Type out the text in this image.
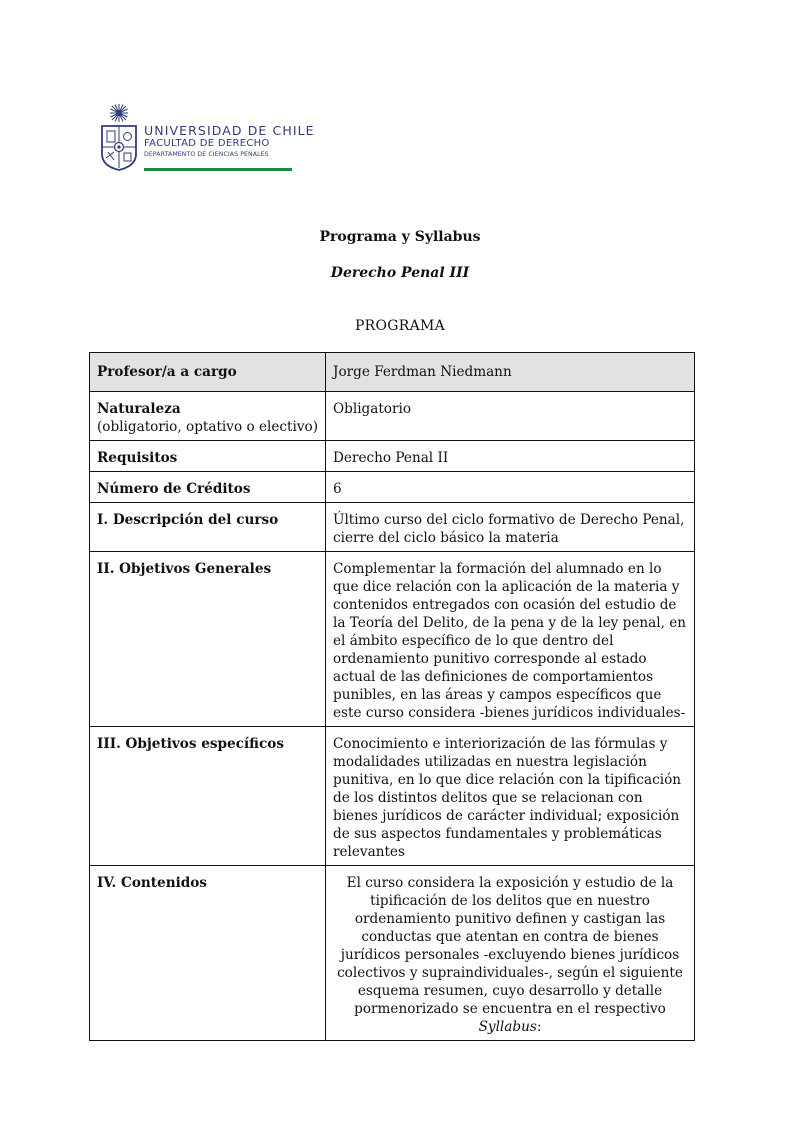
UNIVERSIDAD DE CHILE
FACULTAD DE DERECHO
DEPARTAMENTO DE CIENCIAS PENALES
Programa y Syllabus
Derecho Penal III
PROGRAMA
Profesor/a a cargo	Jorge Ferdman Niedmann

Naturaleza
(obligatorio, optativo o electivo)	Obligatorio
Requisitos	Derecho Penal II
Número de Créditos	6
I. Descripción del curso	Último curso del ciclo formativo de Derecho Penal, cierre del ciclo básico la materia
II. Objetivos Generales	Complementar la formación del alumnado en lo que dice relación con la aplicación de la materia y contenidos entregados con ocasión del estudio de la Teoría del Delito, de la pena y de la ley penal, en el ámbito específico de lo que dentro del ordenamiento punitivo corresponde al estado actual de las definiciones de comportamientos punibles, en las áreas y campos específicos que este curso considera -bienes jurídicos individuales-
III. Objetivos específicos	Conocimiento e interiorización de las fórmulas y modalidades utilizadas en nuestra legislación punitiva, en lo que dice relación con la tipificación de los distintos delitos que se relacionan con bienes jurídicos de carácter individual; exposición de sus aspectos fundamentales y problemáticas relevantes
IV. Contenidos	El curso considera la exposición y estudio de la tipificación de los delitos que en nuestro ordenamiento punitivo definen y castigan las conductas que atentan en contra de bienes jurídicos personales -excluyendo bienes jurídicos colectivos y supraindividuales-, según el siguiente esquema resumen, cuyo desarrollo y detalle pormenorizado se encuentra en el respectivo Syllabus:
